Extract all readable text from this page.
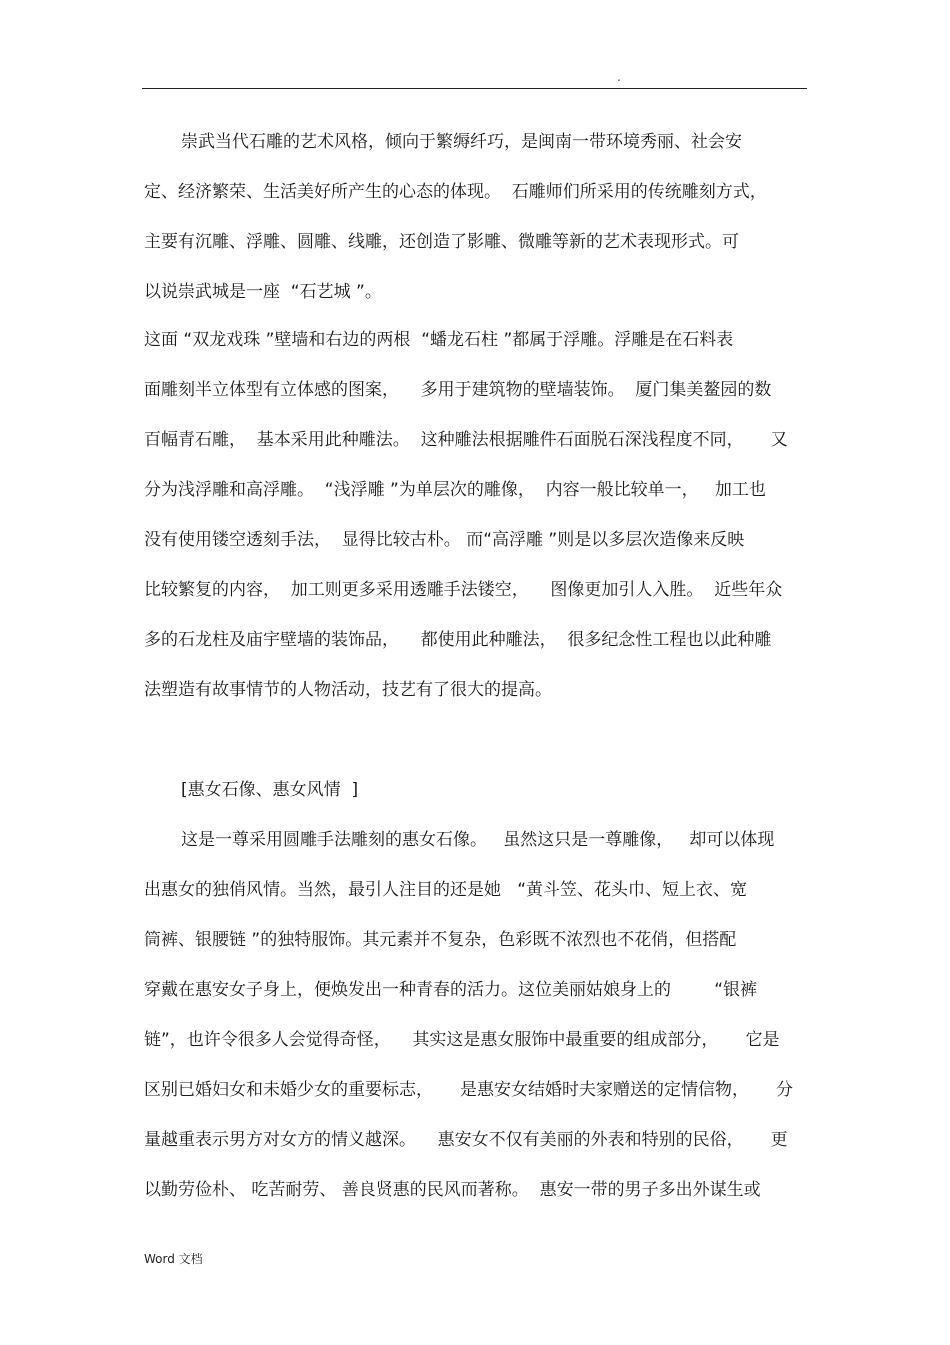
.
崇武当代石雕的艺术风格，倾向于繁缛纤巧，是闽南一带环境秀丽、社会安
定、经济繁荣、生活美好所产生的心态的体现。  石雕师们所采用的传统雕刻方式，
主要有沉雕、浮雕、圆雕、线雕，还创造了影雕、微雕等新的艺术表现形式。可
以说崇武城是一座  “石艺城 ”。
这面 “双龙戏珠 ”壁墙和右边的两根  “蟠龙石柱 ”都属于浮雕。浮雕是在石料表
面雕刻半立体型有立体感的图案，    多用于建筑物的壁墙装饰。  厦门集美鳌园的数
百幅青石雕，  基本采用此种雕法。  这种雕法根据雕件石面脱石深浅程度不同，     又
分为浅浮雕和高浮雕。  “浅浮雕 ”为单层次的雕像，  内容一般比较单一，   加工也
没有使用镂空透刻手法，  显得比较古朴。 而“高浮雕 ”则是以多层次造像来反映
比较繁复的内容，  加工则更多采用透雕手法镂空，    图像更加引人入胜。  近些年众
多的石龙柱及庙宇壁墙的装饰品，    都使用此种雕法，  很多纪念性工程也以此种雕
法塑造有故事情节的人物活动，技艺有了很大的提高。
[惠女石像、惠女风情  ]
这是一尊采用圆雕手法雕刻的惠女石像。   虽然这只是一尊雕像，   却可以体现
出惠女的独俏风情。当然，最引人注目的还是她   “黄斗笠、花头巾、短上衣、宽
筒裤、银腰链 ”的独特服饰。其元素并不复杂，色彩既不浓烈也不花俏，但搭配
穿戴在惠安女子身上，便焕发出一种青春的活力。这位美丽姑娘身上的        “银裤
链”，也许令很多人会觉得奇怪，    其实这是惠女服饰中最重要的组成部分，     它是
区别已婚妇女和未婚少女的重要标志，     是惠安女结婚时夫家赠送的定情信物，     分
量越重表示男方对女方的情义越深。    惠安女不仅有美丽的外表和特别的民俗，     更
以勤劳俭朴、 吃苦耐劳、 善良贤惠的民风而著称。  惠安一带的男子多出外谋生或
Word 文档
